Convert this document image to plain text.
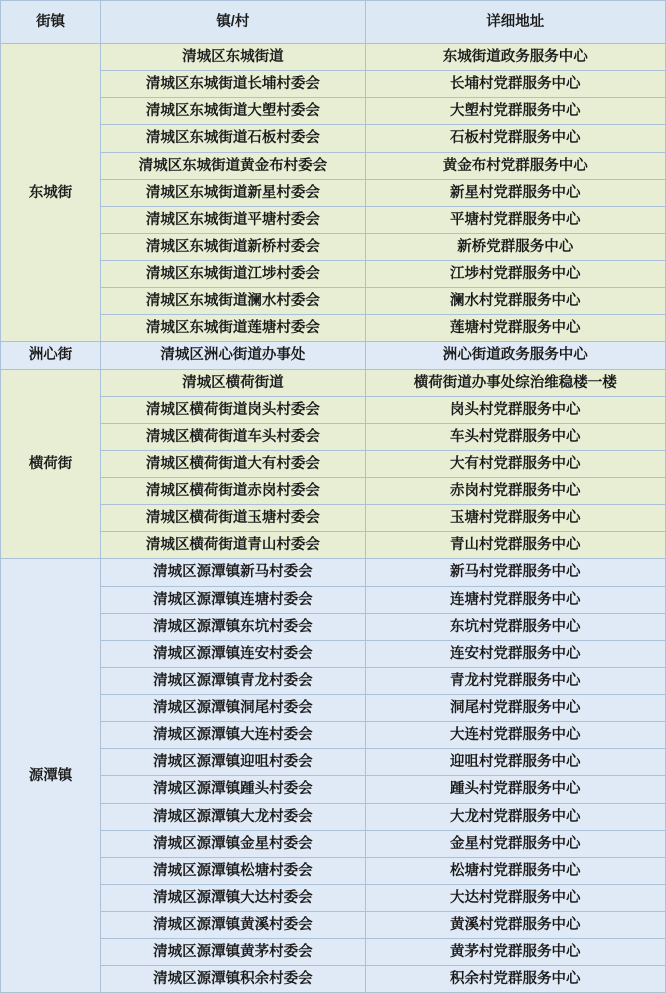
街镇	镇/村	详细地址
东城街	清城区东城街道	东城街道政务服务中心
	清城区东城街道长埔村委会	长埔村党群服务中心
	清城区东城街道大塱村委会	大塱村党群服务中心
	清城区东城街道石板村委会	石板村党群服务中心
	清城区东城街道黄金布村委会	黄金布村党群服务中心
	清城区东城街道新星村委会	新星村党群服务中心
	清城区东城街道平塘村委会	平塘村党群服务中心
	清城区东城街道新桥村委会	新桥党群服务中心
	清城区东城街道江埗村委会	江埗村党群服务中心
	清城区东城街道澜水村委会	澜水村党群服务中心
	清城区东城街道莲塘村委会	莲塘村党群服务中心
洲心街	清城区洲心街道办事处	洲心街道政务服务中心
横荷街	清城区横荷街道	横荷街道办事处综治维稳楼一楼
	清城区横荷街道岗头村委会	岗头村党群服务中心
	清城区横荷街道车头村委会	车头村党群服务中心
	清城区横荷街道大有村委会	大有村党群服务中心
	清城区横荷街道赤岗村委会	赤岗村党群服务中心
	清城区横荷街道玉塘村委会	玉塘村党群服务中心
	清城区横荷街道青山村委会	青山村党群服务中心
源潭镇	清城区源潭镇新马村委会	新马村党群服务中心
	清城区源潭镇连塘村委会	连塘村党群服务中心
	清城区源潭镇东坑村委会	东坑村党群服务中心
	清城区源潭镇连安村委会	连安村党群服务中心
	清城区源潭镇青龙村委会	青龙村党群服务中心
	清城区源潭镇洞尾村委会	洞尾村党群服务中心
	清城区源潭镇大连村委会	大连村党群服务中心
	清城区源潭镇迎咀村委会	迎咀村党群服务中心
	清城区源潭镇踵头村委会	踵头村党群服务中心
	清城区源潭镇大龙村委会	大龙村党群服务中心
	清城区源潭镇金星村委会	金星村党群服务中心
	清城区源潭镇松塘村委会	松塘村党群服务中心
	清城区源潭镇大达村委会	大达村党群服务中心
	清城区源潭镇黄溪村委会	黄溪村党群服务中心
	清城区源潭镇黄茅村委会	黄茅村党群服务中心
	清城区源潭镇积余村委会	积余村党群服务中心
